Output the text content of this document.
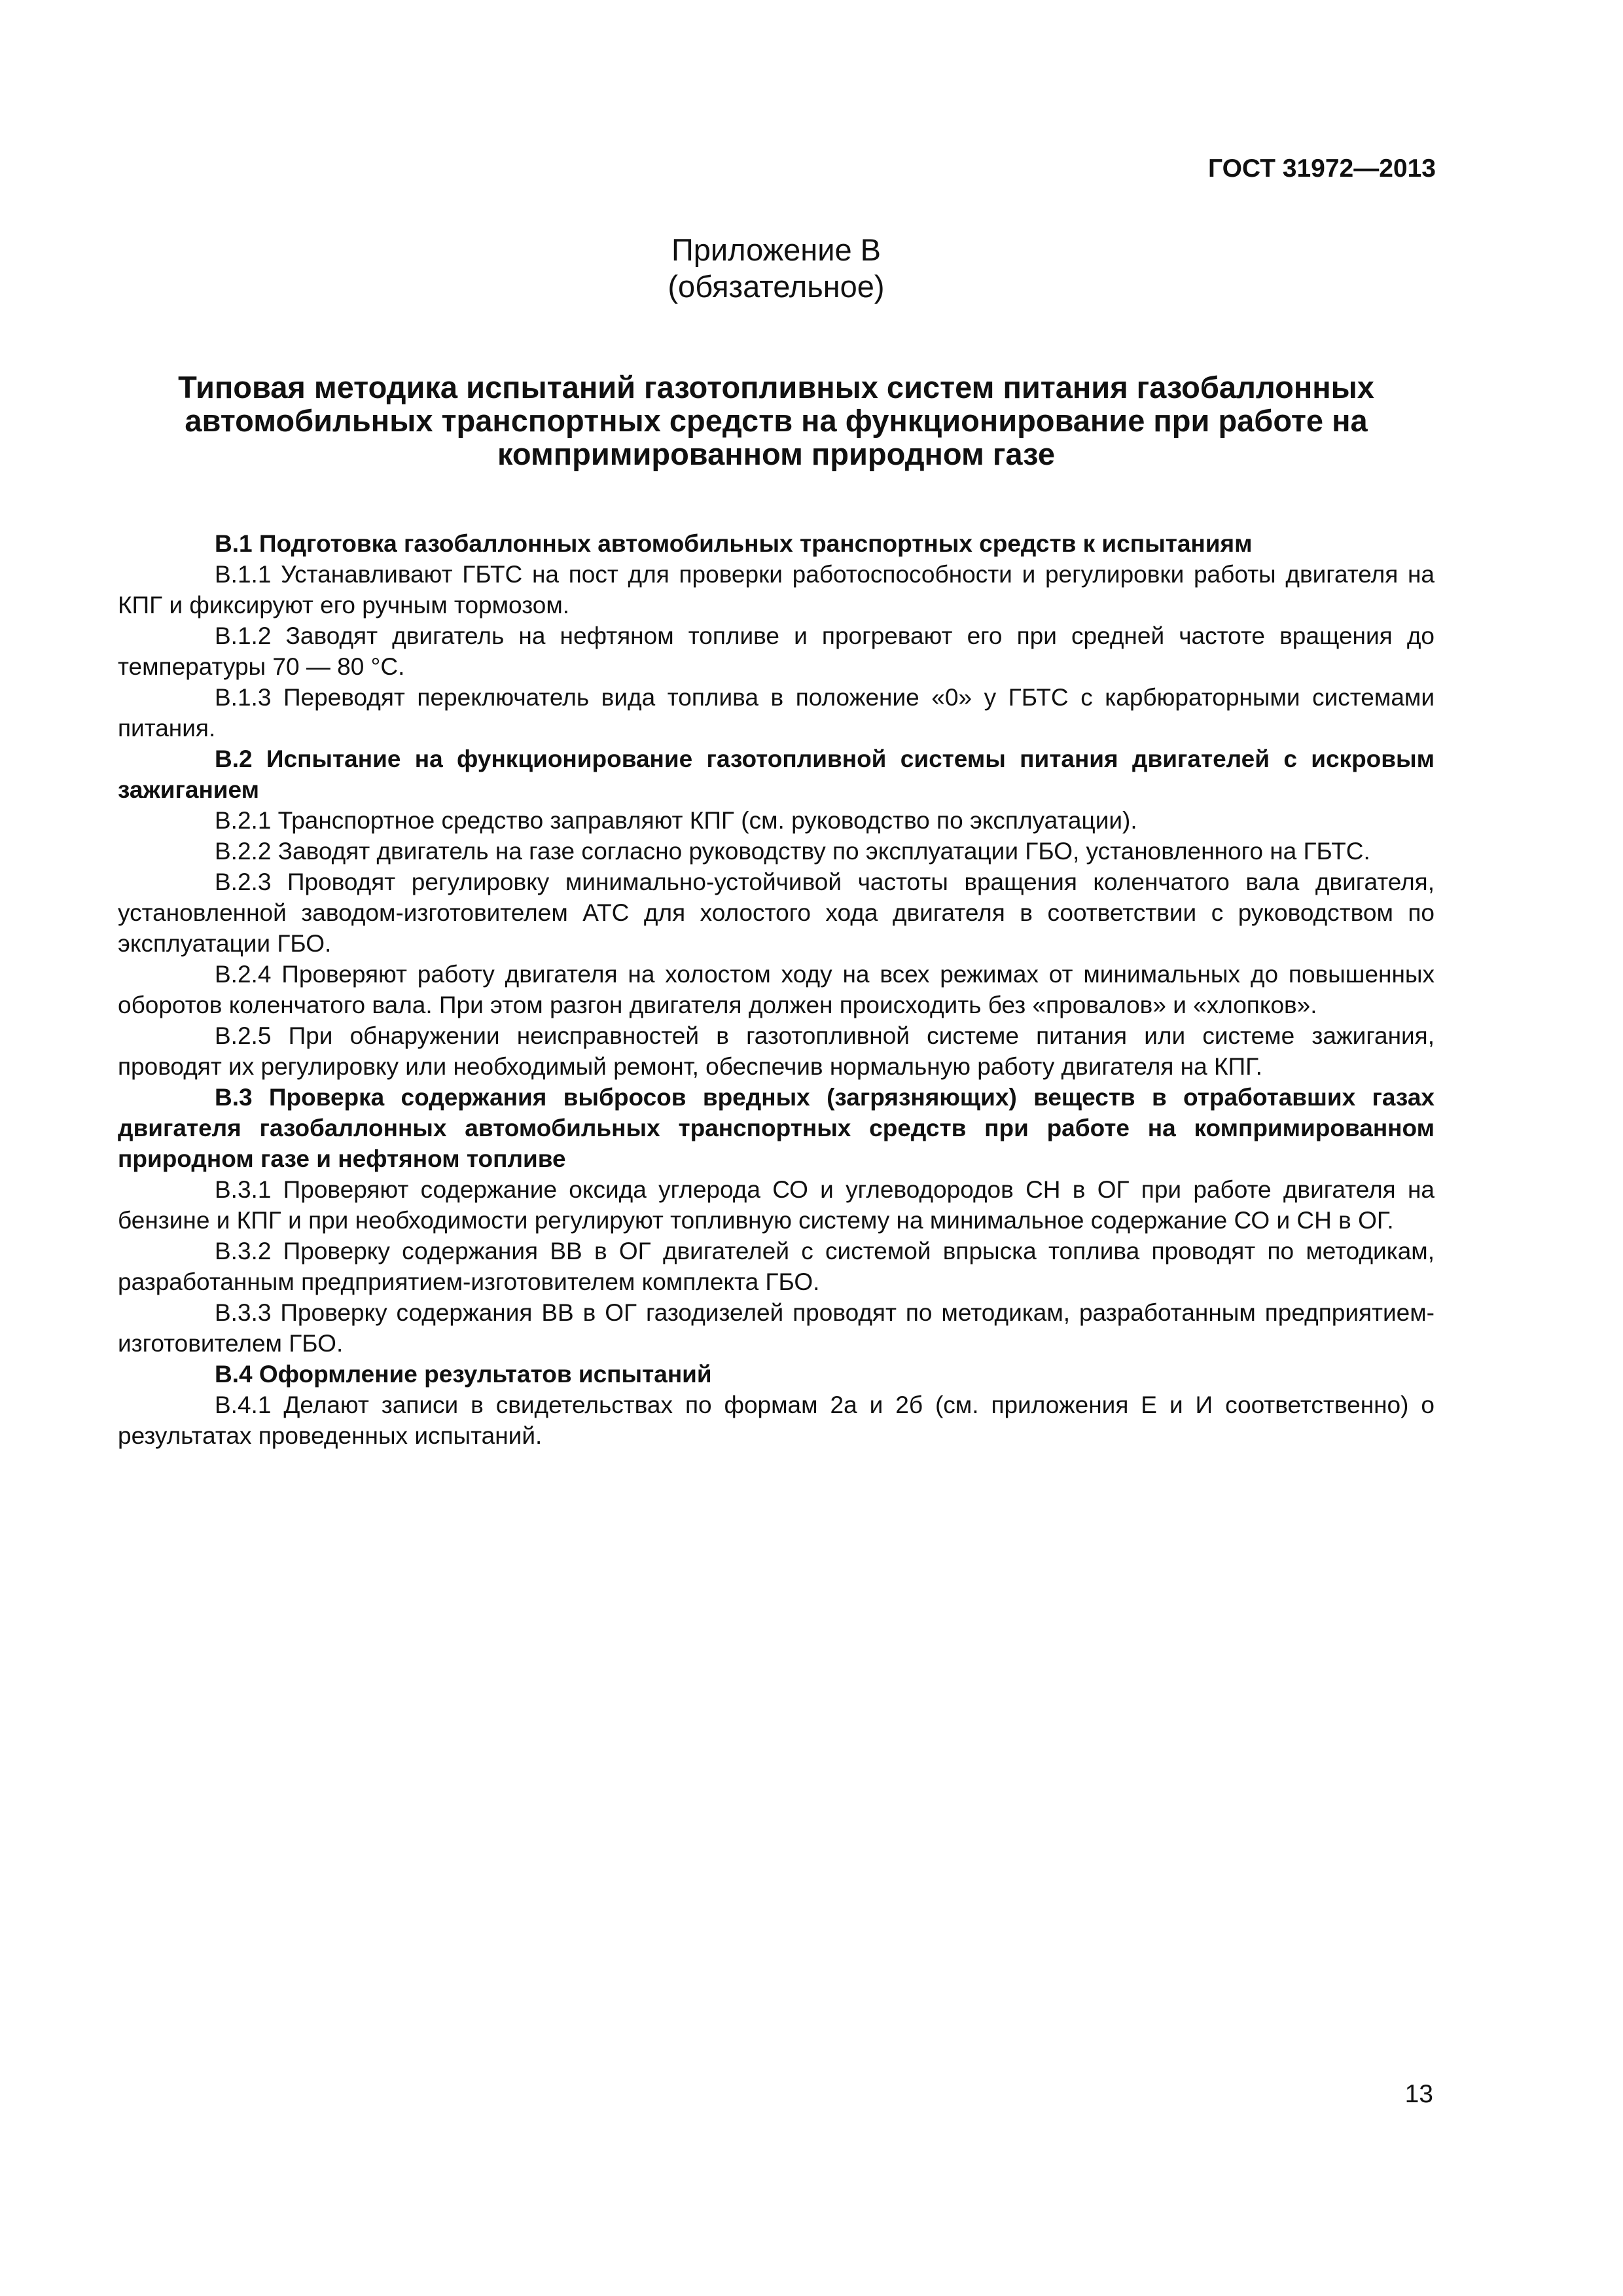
ГОСТ 31972—2013

Приложение В

(обязательное)

Типовая методика испытаний газотопливных систем питания газобаллонных
автомобильных транспортных средств на функционирование при работе на
компримированном природном газе

В.1 Подготовка газобаллонных автомобильных транспортных средств к испытаниям

В.1.1 Устанавливают ГБТС на пост для проверки работоспособности и регулировки работы двигателя на КПГ и фиксируют его ручным тормозом.

В.1.2 Заводят двигатель на нефтяном топливе и прогревают его при средней частоте вращения до температуры 70 — 80 °С.

В.1.3 Переводят переключатель вида топлива в положение «0» у ГБТС с карбюраторными системами питания.

В.2 Испытание на функционирование газотопливной системы питания двигателей с искровым зажиганием

В.2.1 Транспортное средство заправляют КПГ (см. руководство по эксплуатации).

В.2.2 Заводят двигатель на газе согласно руководству по эксплуатации ГБО, установленного на ГБТС.

В.2.3 Проводят регулировку минимально-устойчивой частоты вращения коленчатого вала двигателя, установленной заводом-изготовителем АТС для холостого хода двигателя в соответствии с руководством по эксплуатации ГБО.

В.2.4 Проверяют работу двигателя на холостом ходу на всех режимах от минимальных до повышенных оборотов коленчатого вала. При этом разгон двигателя должен происходить без «провалов» и «хлопков».

В.2.5 При обнаружении неисправностей в газотопливной системе питания или системе зажигания, проводят их регулировку или необходимый ремонт, обеспечив нормальную работу двигателя на КПГ.

В.3 Проверка содержания выбросов вредных (загрязняющих) веществ в отработавших газах двигателя газобаллонных автомобильных транспортных средств при работе на компримированном природном газе и нефтяном топливе

В.3.1 Проверяют содержание оксида углерода СО и углеводородов СН в ОГ при работе двигателя на бензине и КПГ и при необходимости регулируют топливную систему на минимальное содержание СО и СН в ОГ.

В.3.2 Проверку содержания ВВ в ОГ двигателей с системой впрыска топлива проводят по методикам, разработанным предприятием-изготовителем комплекта ГБО.

В.3.3 Проверку содержания ВВ в ОГ газодизелей проводят по методикам, разработанным предприятием-изготовителем ГБО.

В.4 Оформление результатов испытаний

В.4.1 Делают записи в свидетельствах по формам 2а и 2б (см. приложения Е и И соответственно) о результатах проведенных испытаний.

13
